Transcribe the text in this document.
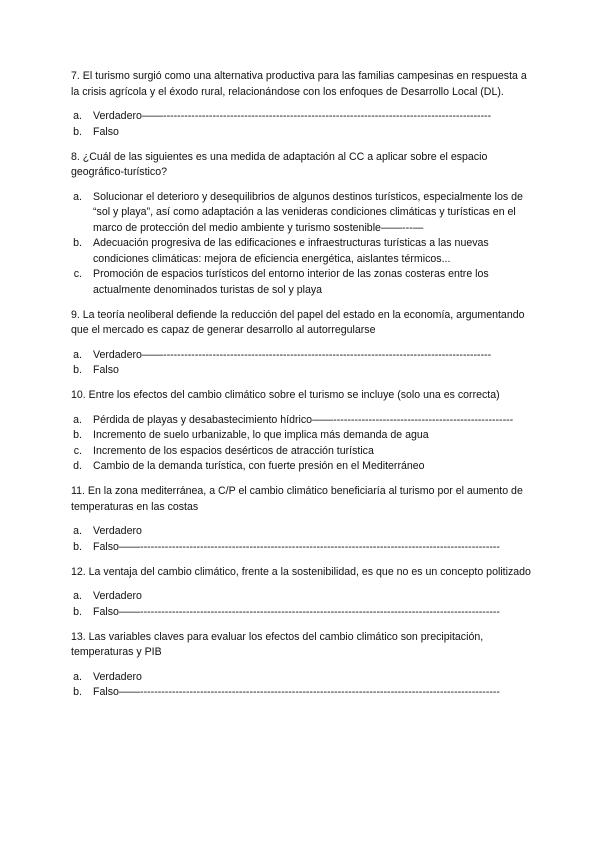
7. El turismo surgió como una alternativa productiva para las familias campesinas en respuesta a la crisis agrícola y el éxodo rural, relacionándose con los enfoques de Desarrollo Local (DL).

a. Verdadero——---------------------------------------------------------------------------------------------
b. Falso

8. ¿Cuál de las siguientes es una medida de adaptación al CC a aplicar sobre el espacio geográfico-turístico?

a. Solucionar el deterioro y desequilibrios de algunos destinos turísticos, especialmente los de “sol y playa”, así como adaptación a las venideras condiciones climáticas y turísticas en el marco de protección del medio ambiente y turismo sostenible——---—
b. Adecuación progresiva de las edificaciones e infraestructuras turísticas a las nuevas condiciones climáticas: mejora de eficiencia energética, aislantes térmicos...
c. Promoción de espacios turísticos del entorno interior de las zonas costeras entre los actualmente denominados turistas de sol y playa

9. La teoría neoliberal defiende la reducción del papel del estado en la economía, argumentando que el mercado es capaz de generar desarrollo al autorregularse

a. Verdadero——---------------------------------------------------------------------------------------------
b. Falso

10. Entre los efectos del cambio climático sobre el turismo se incluye (solo una es correcta)

a. Pérdida de playas y desabastecimiento hídrico——---------------------------------------------------
b. Incremento de suelo urbanizable, lo que implica más demanda de agua
c. Incremento de los espacios desérticos de atracción turística
d. Cambio de la demanda turística, con fuerte presión en el Mediterráneo

11. En la zona mediterránea, a C/P el cambio climático beneficiaría al turismo por el aumento de temperaturas en las costas

a. Verdadero
b. Falso——------------------------------------------------------------------------------------------------------

12. La ventaja del cambio climático, frente a la sostenibilidad, es que no es un concepto politizado

a. Verdadero
b. Falso——------------------------------------------------------------------------------------------------------

13. Las variables claves para evaluar los efectos del cambio climático son precipitación, temperaturas y PIB

a. Verdadero
b. Falso——------------------------------------------------------------------------------------------------------
